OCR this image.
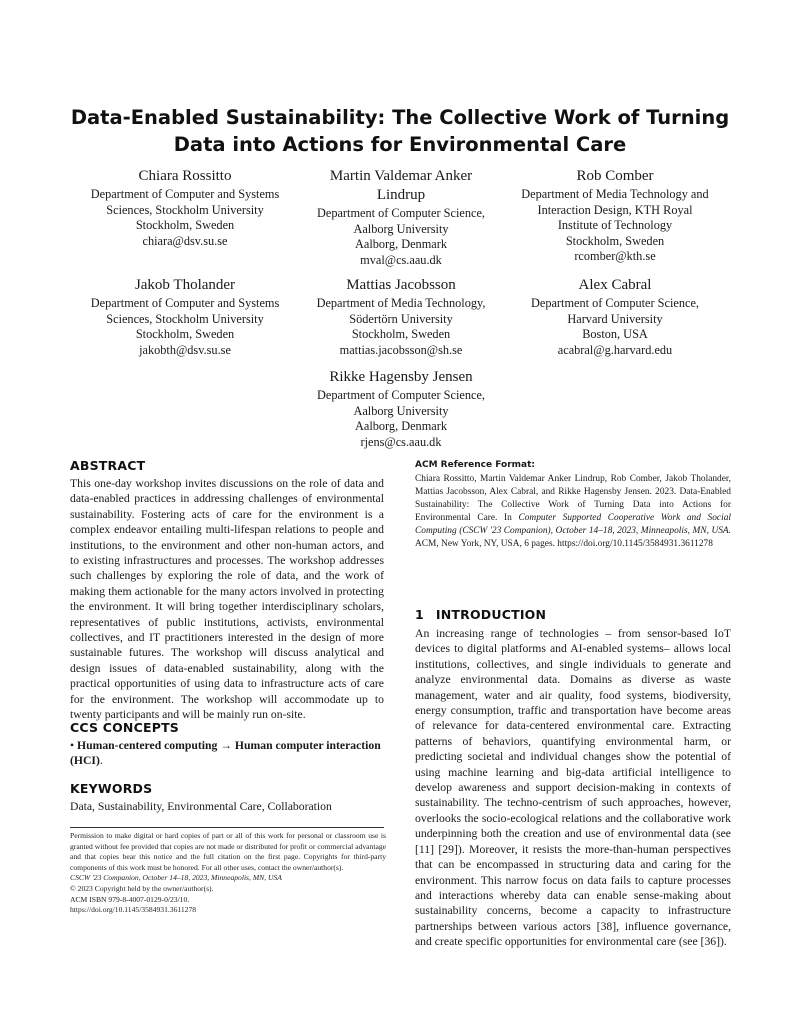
Data-Enabled Sustainability: The Collective Work of Turning
Data into Actions for Environmental Care
Chiara Rossitto
Department of Computer and Systems
Sciences, Stockholm University
Stockholm, Sweden
chiara@dsv.su.se
Martin Valdemar Anker Lindrup
Department of Computer Science,
Aalborg University
Aalborg, Denmark
mval@cs.aau.dk
Rob Comber
Department of Media Technology and
Interaction Design, KTH Royal
Institute of Technology
Stockholm, Sweden
rcomber@kth.se
Jakob Tholander
Department of Computer and Systems
Sciences, Stockholm University
Stockholm, Sweden
jakobth@dsv.su.se
Mattias Jacobsson
Department of Media Technology,
Södertörn University
Stockholm, Sweden
mattias.jacobsson@sh.se
Alex Cabral
Department of Computer Science,
Harvard University
Boston, USA
acabral@g.harvard.edu
Rikke Hagensby Jensen
Department of Computer Science,
Aalborg University
Aalborg, Denmark
rjens@cs.aau.dk
ABSTRACT
This one-day workshop invites discussions on the role of data and data-enabled practices in addressing challenges of environmental sustainability. Fostering acts of care for the environment is a complex endeavor entailing multi-lifespan relations to people and institutions, to the environment and other non-human actors, and to existing infrastructures and processes. The workshop addresses such challenges by exploring the role of data, and the work of making them actionable for the many actors involved in protecting the environment. It will bring together interdisciplinary scholars, representatives of public institutions, activists, environmental collectives, and IT practitioners interested in the design of more sustainable futures. The workshop will discuss analytical and design issues of data-enabled sustainability, along with the practical opportunities of using data to infrastructure acts of care for the environment. The workshop will accommodate up to twenty participants and will be mainly run on-site.
CCS CONCEPTS
• Human-centered computing → Human computer interaction (HCI).
KEYWORDS
Data, Sustainability, Environmental Care, Collaboration
Permission to make digital or hard copies of part or all of this work for personal or classroom use is granted without fee provided that copies are not made or distributed for profit or commercial advantage and that copies bear this notice and the full citation on the first page. Copyrights for third-party components of this work must be honored. For all other uses, contact the owner/author(s).
CSCW '23 Companion, October 14–18, 2023, Minneapolis, MN, USA
© 2023 Copyright held by the owner/author(s).
ACM ISBN 979-8-4007-0129-0/23/10.
https://doi.org/10.1145/3584931.3611278
ACM Reference Format:
Chiara Rossitto, Martin Valdemar Anker Lindrup, Rob Comber, Jakob Tholander, Mattias Jacobsson, Alex Cabral, and Rikke Hagensby Jensen. 2023. Data-Enabled Sustainability: The Collective Work of Turning Data into Actions for Environmental Care. In Computer Supported Cooperative Work and Social Computing (CSCW '23 Companion), October 14–18, 2023, Minneapolis, MN, USA. ACM, New York, NY, USA, 6 pages. https://doi.org/10.1145/3584931.3611278
1 INTRODUCTION
An increasing range of technologies – from sensor-based IoT devices to digital platforms and AI-enabled systems– allows local institutions, collectives, and single individuals to generate and analyze environmental data. Domains as diverse as waste management, water and air quality, food systems, biodiversity, energy consumption, traffic and transportation have become areas of relevance for data-centered environmental care. Extracting patterns of behaviors, quantifying environmental harm, or predicting societal and individual changes show the potential of using machine learning and big-data artificial intelligence to develop awareness and support decision-making in contexts of sustainability. The techno-centrism of such approaches, however, overlooks the socio-ecological relations and the collaborative work underpinning both the creation and use of environmental data (see [11] [29]). Moreover, it resists the more-than-human perspectives that can be encompassed in structuring data and caring for the environment. This narrow focus on data fails to capture processes and interactions whereby data can enable sense-making about sustainability concerns, become a capacity to infrastructure partnerships between various actors [38], influence governance, and create specific opportunities for environmental care (see [36]).
